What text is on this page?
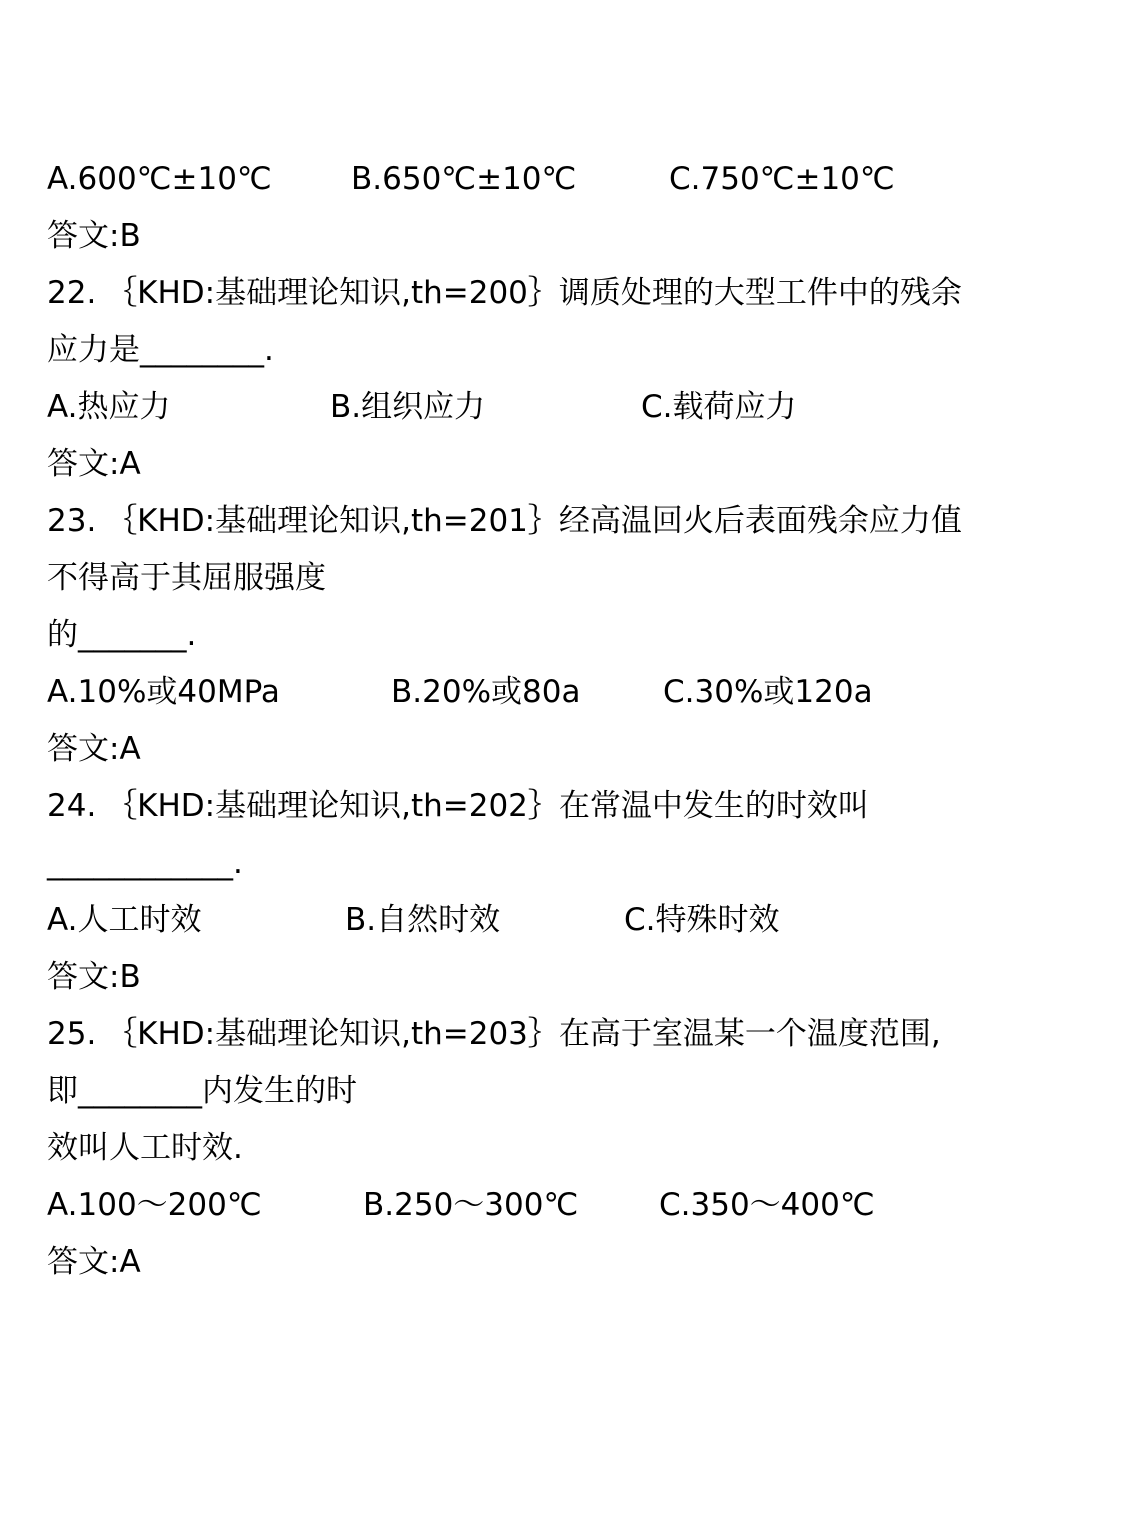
A.600℃±10℃	B.650℃±10℃	C.750℃±10℃
答文:B
22. ｛KHD:基础理论知识,th=200｝调质处理的大型工件中的残余
应力是________.
A.热应力	B.组织应力	C.载荷应力
答文:A
23. ｛KHD:基础理论知识,th=201｝经高温回火后表面残余应力值
不得高于其屈服强度
的_______.
A.10%或40MPa	B.20%或80a	C.30%或120a
答文:A
24. ｛KHD:基础理论知识,th=202｝在常温中发生的时效叫
____________.
A.人工时效	B.自然时效	C.特殊时效
答文:B
25. ｛KHD:基础理论知识,th=203｝在高于室温某一个温度范围,
即________内发生的时
效叫人工时效.
A.100～200℃	B.250～300℃	C.350～400℃
答文:A
